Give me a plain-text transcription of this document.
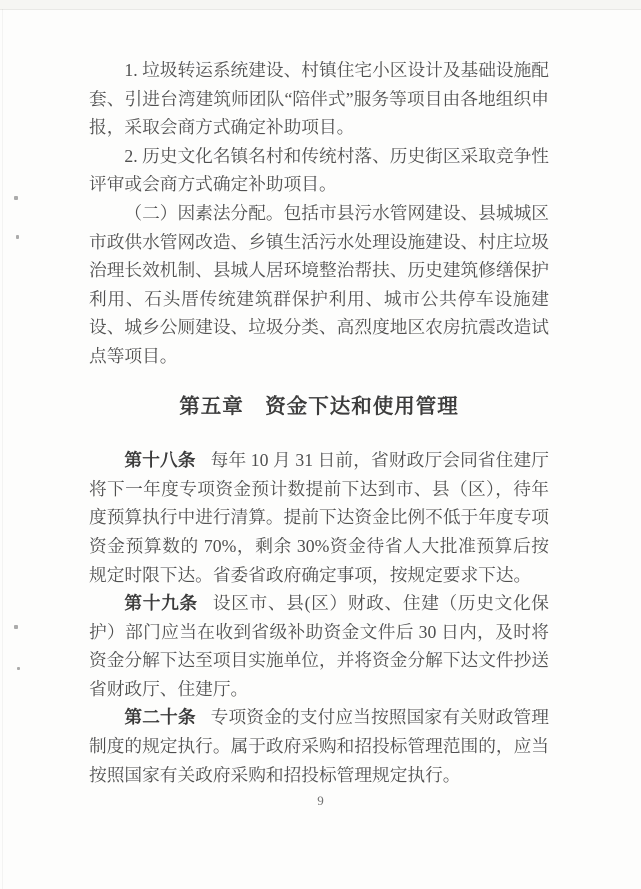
1. 垃圾转运系统建设、村镇住宅小区设计及基础设施配套、引进台湾建筑师团队“陪伴式”服务等项目由各地组织申报，采取会商方式确定补助项目。

2. 历史文化名镇名村和传统村落、历史街区采取竞争性评审或会商方式确定补助项目。

（二）因素法分配。包括市县污水管网建设、县城城区市政供水管网改造、乡镇生活污水处理设施建设、村庄垃圾治理长效机制、县城人居环境整治帮扶、历史建筑修缮保护利用、石头厝传统建筑群保护利用、城市公共停车设施建设、城乡公厕建设、垃圾分类、高烈度地区农房抗震改造试点等项目。

第五章　资金下达和使用管理

第十八条 每年 10 月 31 日前，省财政厅会同省住建厅将下一年度专项资金预计数提前下达到市、县（区），待年度预算执行中进行清算。提前下达资金比例不低于年度专项资金预算数的 70%，剩余 30%资金待省人大批准预算后按规定时限下达。省委省政府确定事项，按规定要求下达。

第十九条 设区市、县(区）财政、住建（历史文化保护）部门应当在收到省级补助资金文件后 30 日内，及时将资金分解下达至项目实施单位，并将资金分解下达文件抄送省财政厅、住建厅。

第二十条 专项资金的支付应当按照国家有关财政管理制度的规定执行。属于政府采购和招投标管理范围的，应当按照国家有关政府采购和招投标管理规定执行。

9
